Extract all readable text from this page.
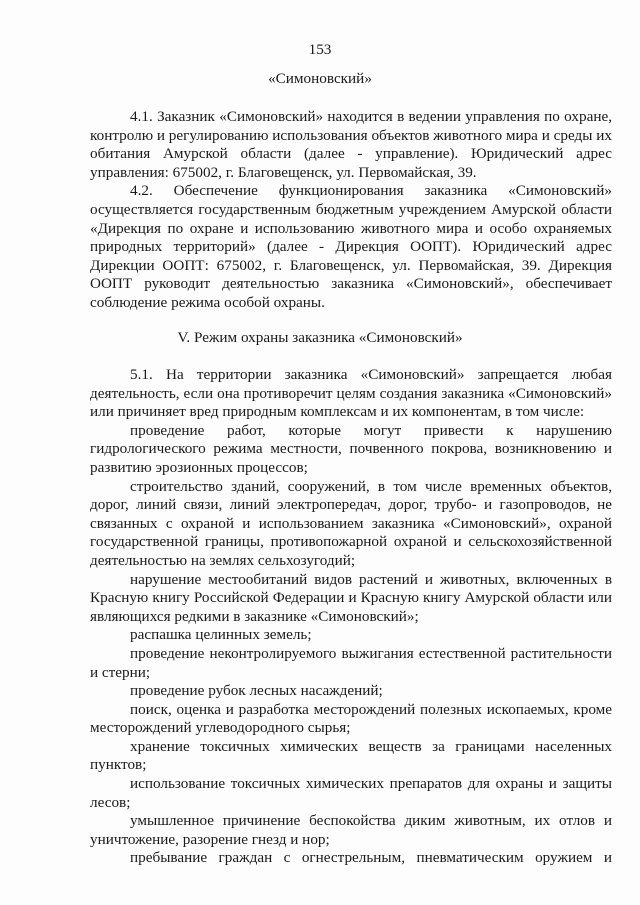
153
«Симоновский»

4.1. Заказник «Симоновский» находится в ведении управления по охране, контролю и регулированию использования объектов животного мира и среды их обитания Амурской области (далее - управление). Юридический адрес управления: 675002, г. Благовещенск, ул. Первомайская, 39.

4.2. Обеспечение функционирования заказника «Симоновский» осуществляется государственным бюджетным учреждением Амурской области «Дирекция по охране и использованию животного мира и особо охраняемых природных территорий» (далее - Дирекция ООПТ). Юридический адрес Дирекции ООПТ: 675002, г. Благовещенск, ул. Первомайская, 39. Дирекция ООПТ руководит деятельностью заказника «Симоновский», обеспечивает соблюдение режима особой охраны.

V. Режим охраны заказника «Симоновский»

5.1. На территории заказника «Симоновский» запрещается любая деятельность, если она противоречит целям создания заказника «Симоновский» или причиняет вред природным комплексам и их компонентам, в том числе:

проведение работ, которые могут привести к нарушению гидрологического режима местности, почвенного покрова, возникновению и развитию эрозионных процессов;

строительство зданий, сооружений, в том числе временных объектов, дорог, линий связи, линий электропередач, дорог, трубо- и газопроводов, не связанных с охраной и использованием заказника «Симоновский», охраной государственной границы, противопожарной охраной и сельскохозяйственной деятельностью на землях сельхозугодий;

нарушение местообитаний видов растений и животных, включенных в Красную книгу Российской Федерации и Красную книгу Амурской области или являющихся редкими в заказнике «Симоновский»;

распашка целинных земель;

проведение неконтролируемого выжигания естественной растительности и стерни;

проведение рубок лесных насаждений;

поиск, оценка и разработка месторождений полезных ископаемых, кроме месторождений углеводородного сырья;

хранение токсичных химических веществ за границами населенных пунктов;

использование токсичных химических препаратов для охраны и защиты лесов;

умышленное причинение беспокойства диким животным, их отлов и уничтожение, разорение гнезд и нор;

пребывание граждан с огнестрельным, пневматическим оружием и
